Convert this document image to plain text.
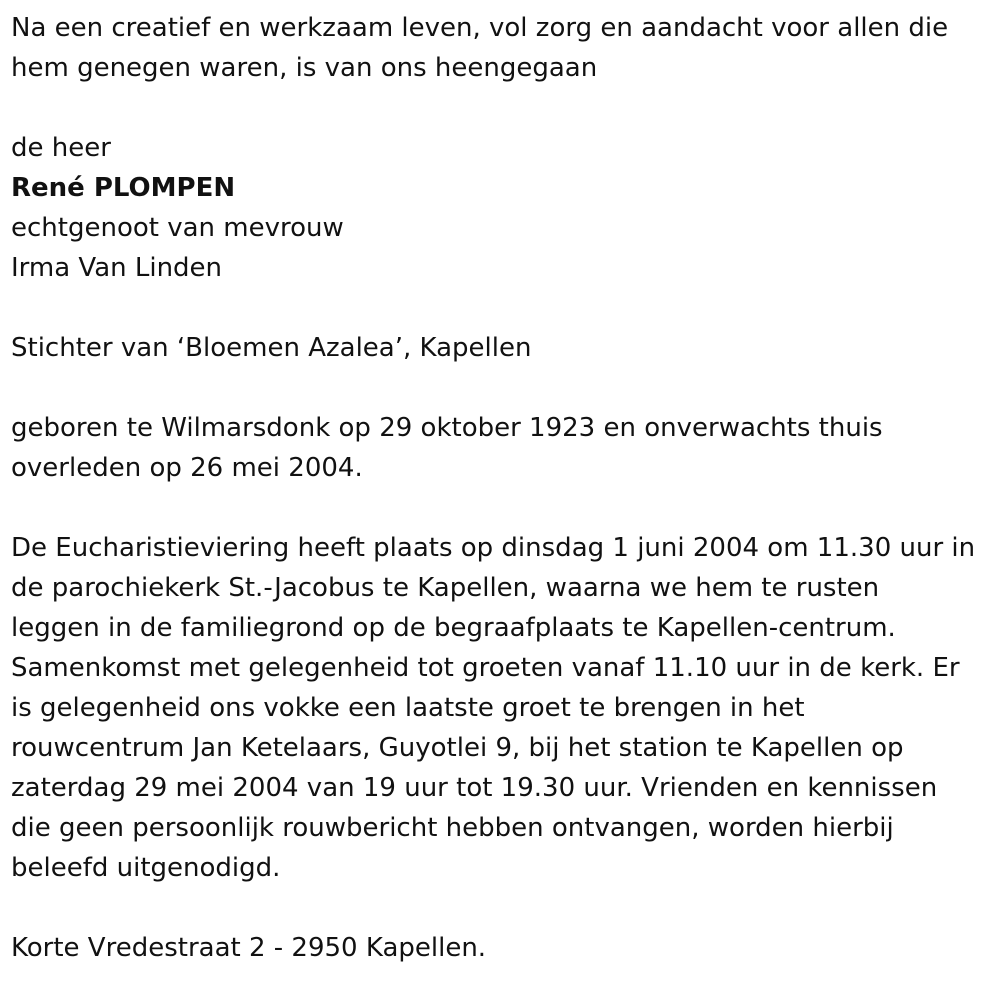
Na een creatief en werkzaam leven, vol zorg en aandacht voor allen die
hem genegen waren, is van ons heengegaan
de heer
René PLOMPEN
echtgenoot van mevrouw
Irma Van Linden
Stichter van ‘Bloemen Azalea’, Kapellen
geboren te Wilmarsdonk op 29 oktober 1923 en onverwachts thuis
overleden op 26 mei 2004.
De Eucharistieviering heeft plaats op dinsdag 1 juni 2004 om 11.30 uur in
de parochiekerk St.-Jacobus te Kapellen, waarna we hem te rusten
leggen in de familiegrond op de begraafplaats te Kapellen-centrum.
Samenkomst met gelegenheid tot groeten vanaf 11.10 uur in de kerk. Er
is gelegenheid ons vokke een laatste groet te brengen in het
rouwcentrum Jan Ketelaars, Guyotlei 9, bij het station te Kapellen op
zaterdag 29 mei 2004 van 19 uur tot 19.30 uur. Vrienden en kennissen
die geen persoonlijk rouwbericht hebben ontvangen, worden hierbij
beleefd uitgenodigd.
Korte Vredestraat 2 - 2950 Kapellen.
